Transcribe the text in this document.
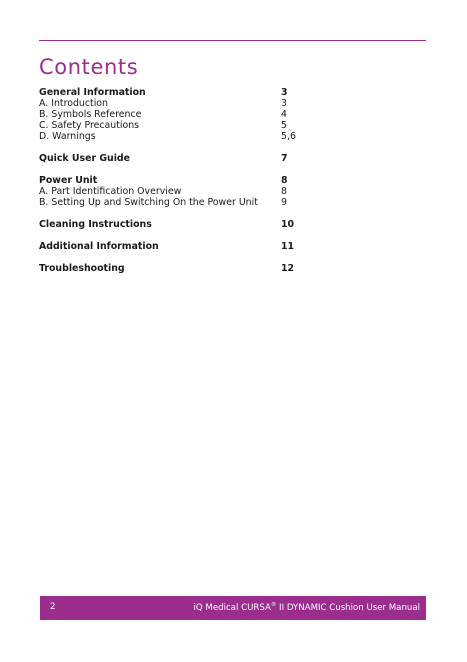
Contents
General Information	3
A. Introduction	3
B. Symbols Reference	4
C. Safety Precautions	5
D. Warnings	5,6
Quick User Guide	7
Power Unit	8
A. Part Identification Overview	8
B. Setting Up and Switching On the Power Unit 9
Cleaning Instructions	10
Additional Information	11
Troubleshooting	12
2	iQ Medical CURSA® II DYNAMIC Cushion User Manual
